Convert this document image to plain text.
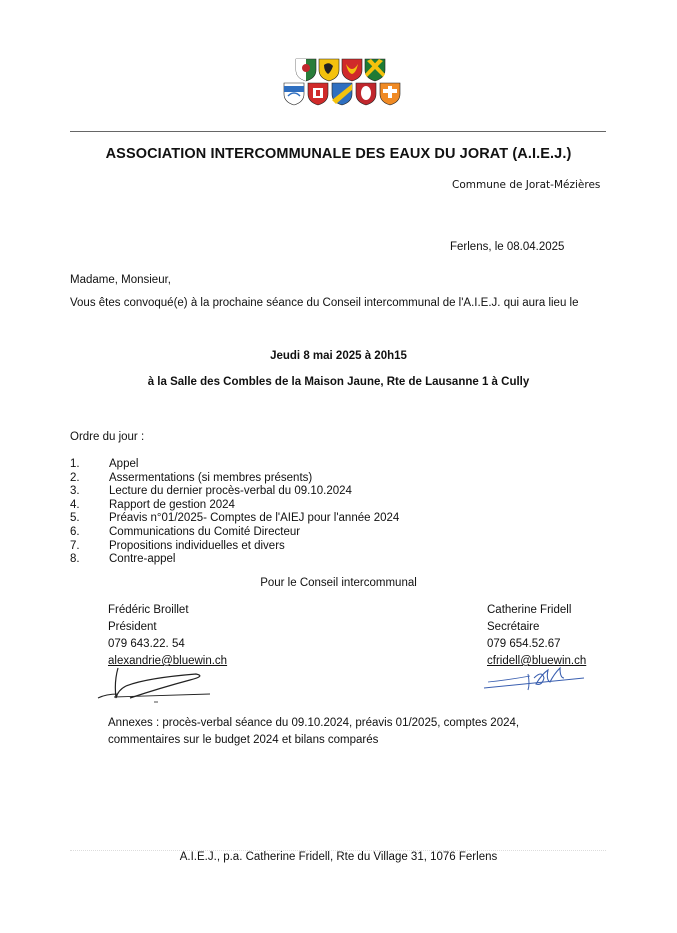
ASSOCIATION INTERCOMMUNALE DES EAUX DU JORAT (A.I.E.J.)
Commune de Jorat-Mézières
Ferlens, le 08.04.2025
Madame, Monsieur,
Vous êtes convoqué(e) à la prochaine séance du Conseil intercommunal de l'A.I.E.J. qui aura lieu le
Jeudi 8 mai 2025 à 20h15
à la Salle des Combles de la Maison Jaune, Rte de Lausanne 1 à Cully
Ordre du jour :
1.	Appel
2.	Assermentations (si membres présents)
3.	Lecture du dernier procès-verbal du 09.10.2024
4.	Rapport de gestion 2024
5.	Préavis n°01/2025- Comptes de l'AIEJ pour l'année 2024
6.	Communications du Comité Directeur
7.	Propositions individuelles et divers
8.	Contre-appel
Pour le Conseil intercommunal
Frédéric Broillet
Président
079 643.22. 54
alexandrie@bluewin.ch
Catherine Fridell
Secrétaire
079 654.52.67
cfridell@bluewin.ch
Annexes : procès-verbal séance du 09.10.2024, préavis 01/2025, comptes 2024,
commentaires sur le budget 2024 et bilans comparés
A.I.E.J., p.a. Catherine Fridell, Rte du Village 31, 1076 Ferlens
